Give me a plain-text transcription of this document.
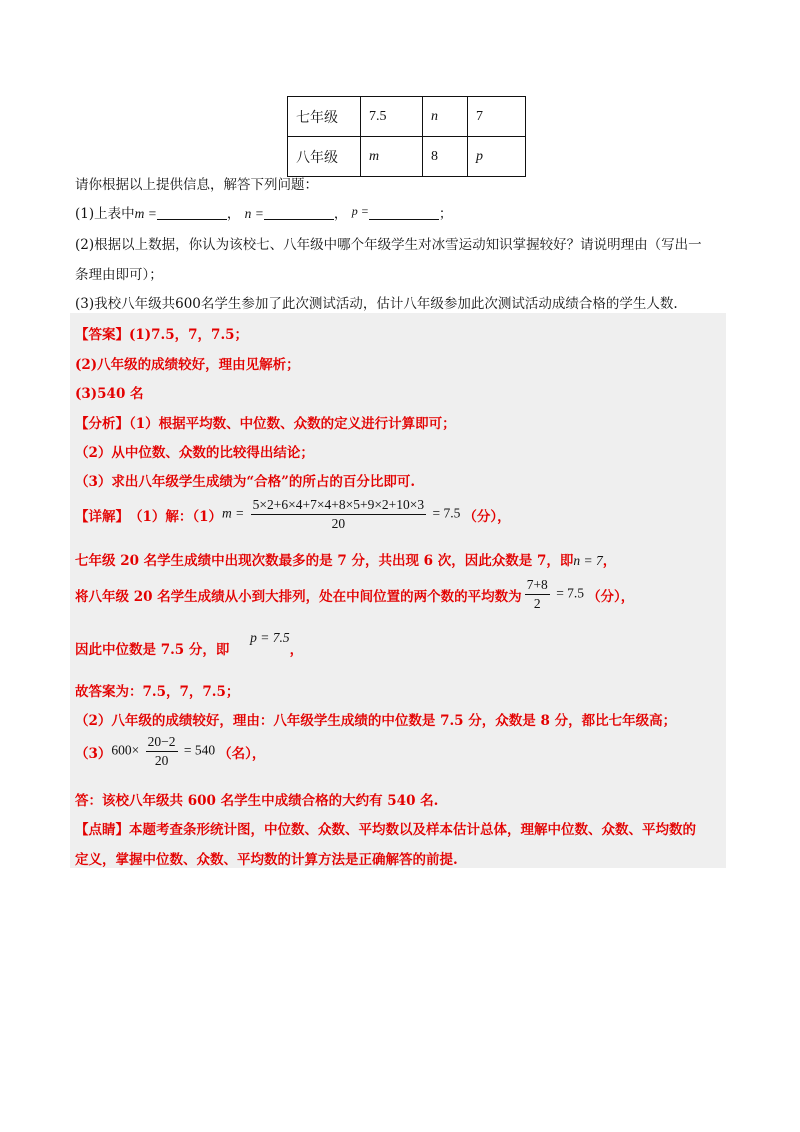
七年级	7.5	n	7
八年级	m	8	p
请你根据以上提供信息，解答下列问题：
(1)上表中m =	， n =	， p =	；
(2)根据以上数据，你认为该校七、八年级中哪个年级学生对冰雪运动知识掌握较好？请说明理由（写出一
条理由即可）；
(3)我校八年级共600名学生参加了此次测试活动，估计八年级参加此次测试活动成绩合格的学生人数.
【答案】(1)7.5，7，7.5；
(2)八年级的成绩较好，理由见解析；
(3)540 名
【分析】（1）根据平均数、中位数、众数的定义进行计算即可；
（2）从中位数、众数的比较得出结论；
（3）求出八年级学生成绩为“合格”的所占的百分比即可.
【详解】 （1）解：（1） $m = \frac{5\times 2+6\times 4+7\times 4+8\times 5+9\times 2+10\times 3}{20} = 7.5$ （分），
七年级 20 名学生成绩中出现次数最多的是 7 分，共出现 6 次，因此众数是 7，即n = 7，
将八年级 20 名学生成绩从小到大排列，处在中间位置的两个数的平均数为 $\frac{7+8}{2} = 7.5$ （分），
因此中位数是 7.5 分，即 p = 7.5，
故答案为：7.5，7，7.5；
（2）八年级的成绩较好，理由：八年级学生成绩的中位数是 7.5 分，众数是 8 分，都比七年级高；
（3） $600\times \frac{20-2}{20} = 540$ （名），
答：该校八年级共 600 名学生中成绩合格的大约有 540 名.
【点睛】本题考查条形统计图，中位数、众数、平均数以及样本估计总体，理解中位数、众数、平均数的
定义，掌握中位数、众数、平均数的计算方法是正确解答的前提.
